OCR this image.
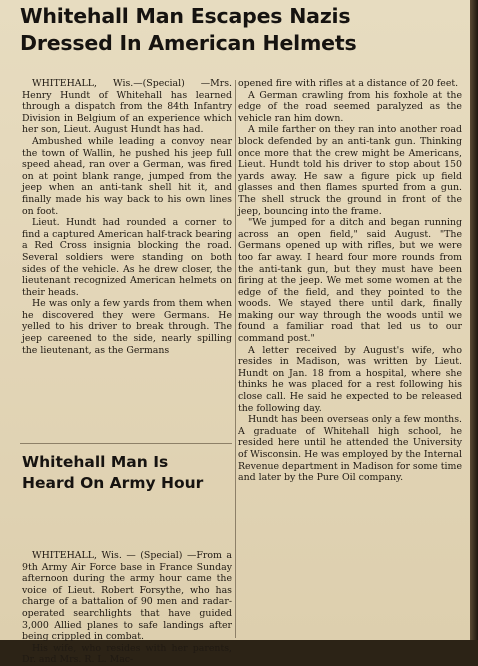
Whitehall Man Escapes Nazis
Dressed In American Helmets

WHITEHALL, Wis.—(Special) —Mrs. Henry Hundt of Whitehall has learned through a dispatch from the 84th Infantry Division in Belgium of an experience which her son, Lieut. August Hundt has had.

Ambushed while leading a convoy near the town of Wallin, he pushed his jeep full speed ahead, ran over a German, was fired on at point blank range, jumped from the jeep when an anti-tank shell hit it, and finally made his way back to his own lines on foot.

Lieut. Hundt had rounded a corner to find a captured American half-track bearing a Red Cross insignia blocking the road. Several soldiers were standing on both sides of the vehicle. As he drew closer, the lieutenant recognized American helmets on their heads.

He was only a few yards from them when he discovered they were Germans. He yelled to his driver to break through. The jeep careened to the side, nearly spilling the lieutenant, as the Germans

opened fire with rifles at a distance of 20 feet.

A German crawling from his foxhole at the edge of the road seemed paralyzed as the vehicle ran him down.

A mile farther on they ran into another road block defended by an anti-tank gun. Thinking once more that the crew might be Americans, Lieut. Hundt told his driver to stop about 150 yards away. He saw a figure pick up field glasses and then flames spurted from a gun. The shell struck the ground in front of the jeep, bouncing into the frame.

"We jumped for a ditch and began running across an open field," said August. "The Germans opened up with rifles, but we were too far away. I heard four more rounds from the anti-tank gun, but they must have been firing at the jeep. We met some women at the edge of the field, and they pointed to the woods. We stayed there until dark, finally making our way through the woods until we found a familiar road that led us to our command post."

A letter received by August's wife, who resides in Madison, was written by Lieut. Hundt on Jan. 18 from a hospital, where she thinks he was placed for a rest following his close call. He said he expected to be released the following day.

Hundt has been overseas only a few months. A graduate of Whitehall high school, he resided here until he attended the University of Wisconsin. He was employed by the Internal Revenue department in Madison for some time and later by the Pure Oil company.

Whitehall Man Is
Heard On Army Hour

WHITEHALL, Wis. — (Special) —From a 9th Army Air Force base in France Sunday afternoon during the army hour came the voice of Lieut. Robert Forsythe, who has charge of a battalion of 90 men and radar-operated searchlights that have guided 3,000 Allied planes to safe landings after being crippled in combat.

His wife, who resides with her parents, Dr. and Mrs. R. L. Mac-
